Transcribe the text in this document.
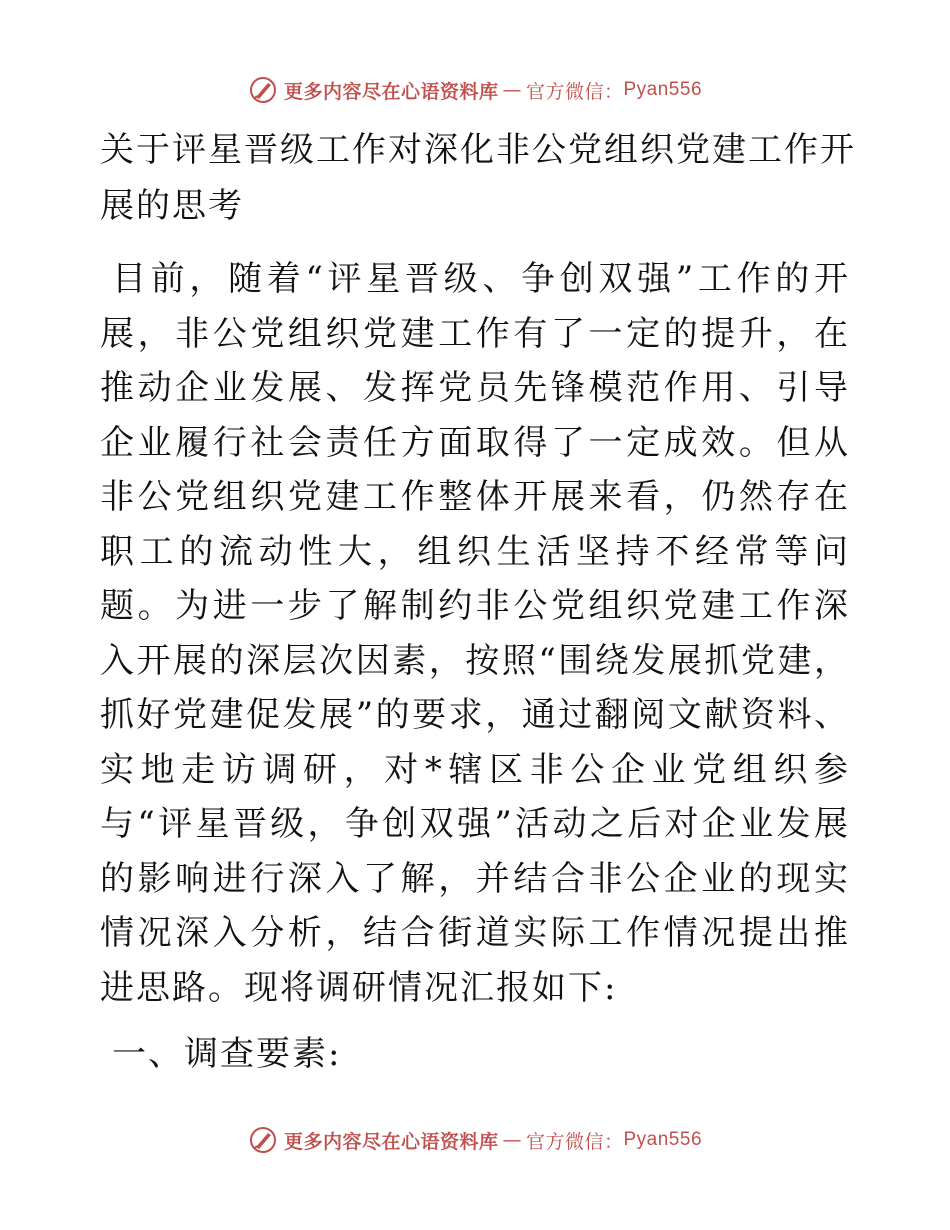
更多内容尽在心语资料库 — 官方微信： Pyan556
关于评星晋级工作对深化非公党组织党建工作开展的思考

目前，随着“评星晋级、争创双强”工作的开展，非公党组织党建工作有了一定的提升，在推动企业发展、发挥党员先锋模范作用、引导企业履行社会责任方面取得了一定成效。但从非公党组织党建工作整体开展来看，仍然存在职工的流动性大，组织生活坚持不经常等问题。为进一步了解制约非公党组织党建工作深入开展的深层次因素，按照“围绕发展抓党建，抓好党建促发展”的要求，通过翻阅文献资料、实地走访调研，对*辖区非公企业党组织参与“评星晋级，争创双强”活动之后对企业发展的影响进行深入了解，并结合非公企业的现实情况深入分析，结合街道实际工作情况提出推进思路。现将调研情况汇报如下:

一、调查要素:
更多内容尽在心语资料库 — 官方微信： Pyan556
